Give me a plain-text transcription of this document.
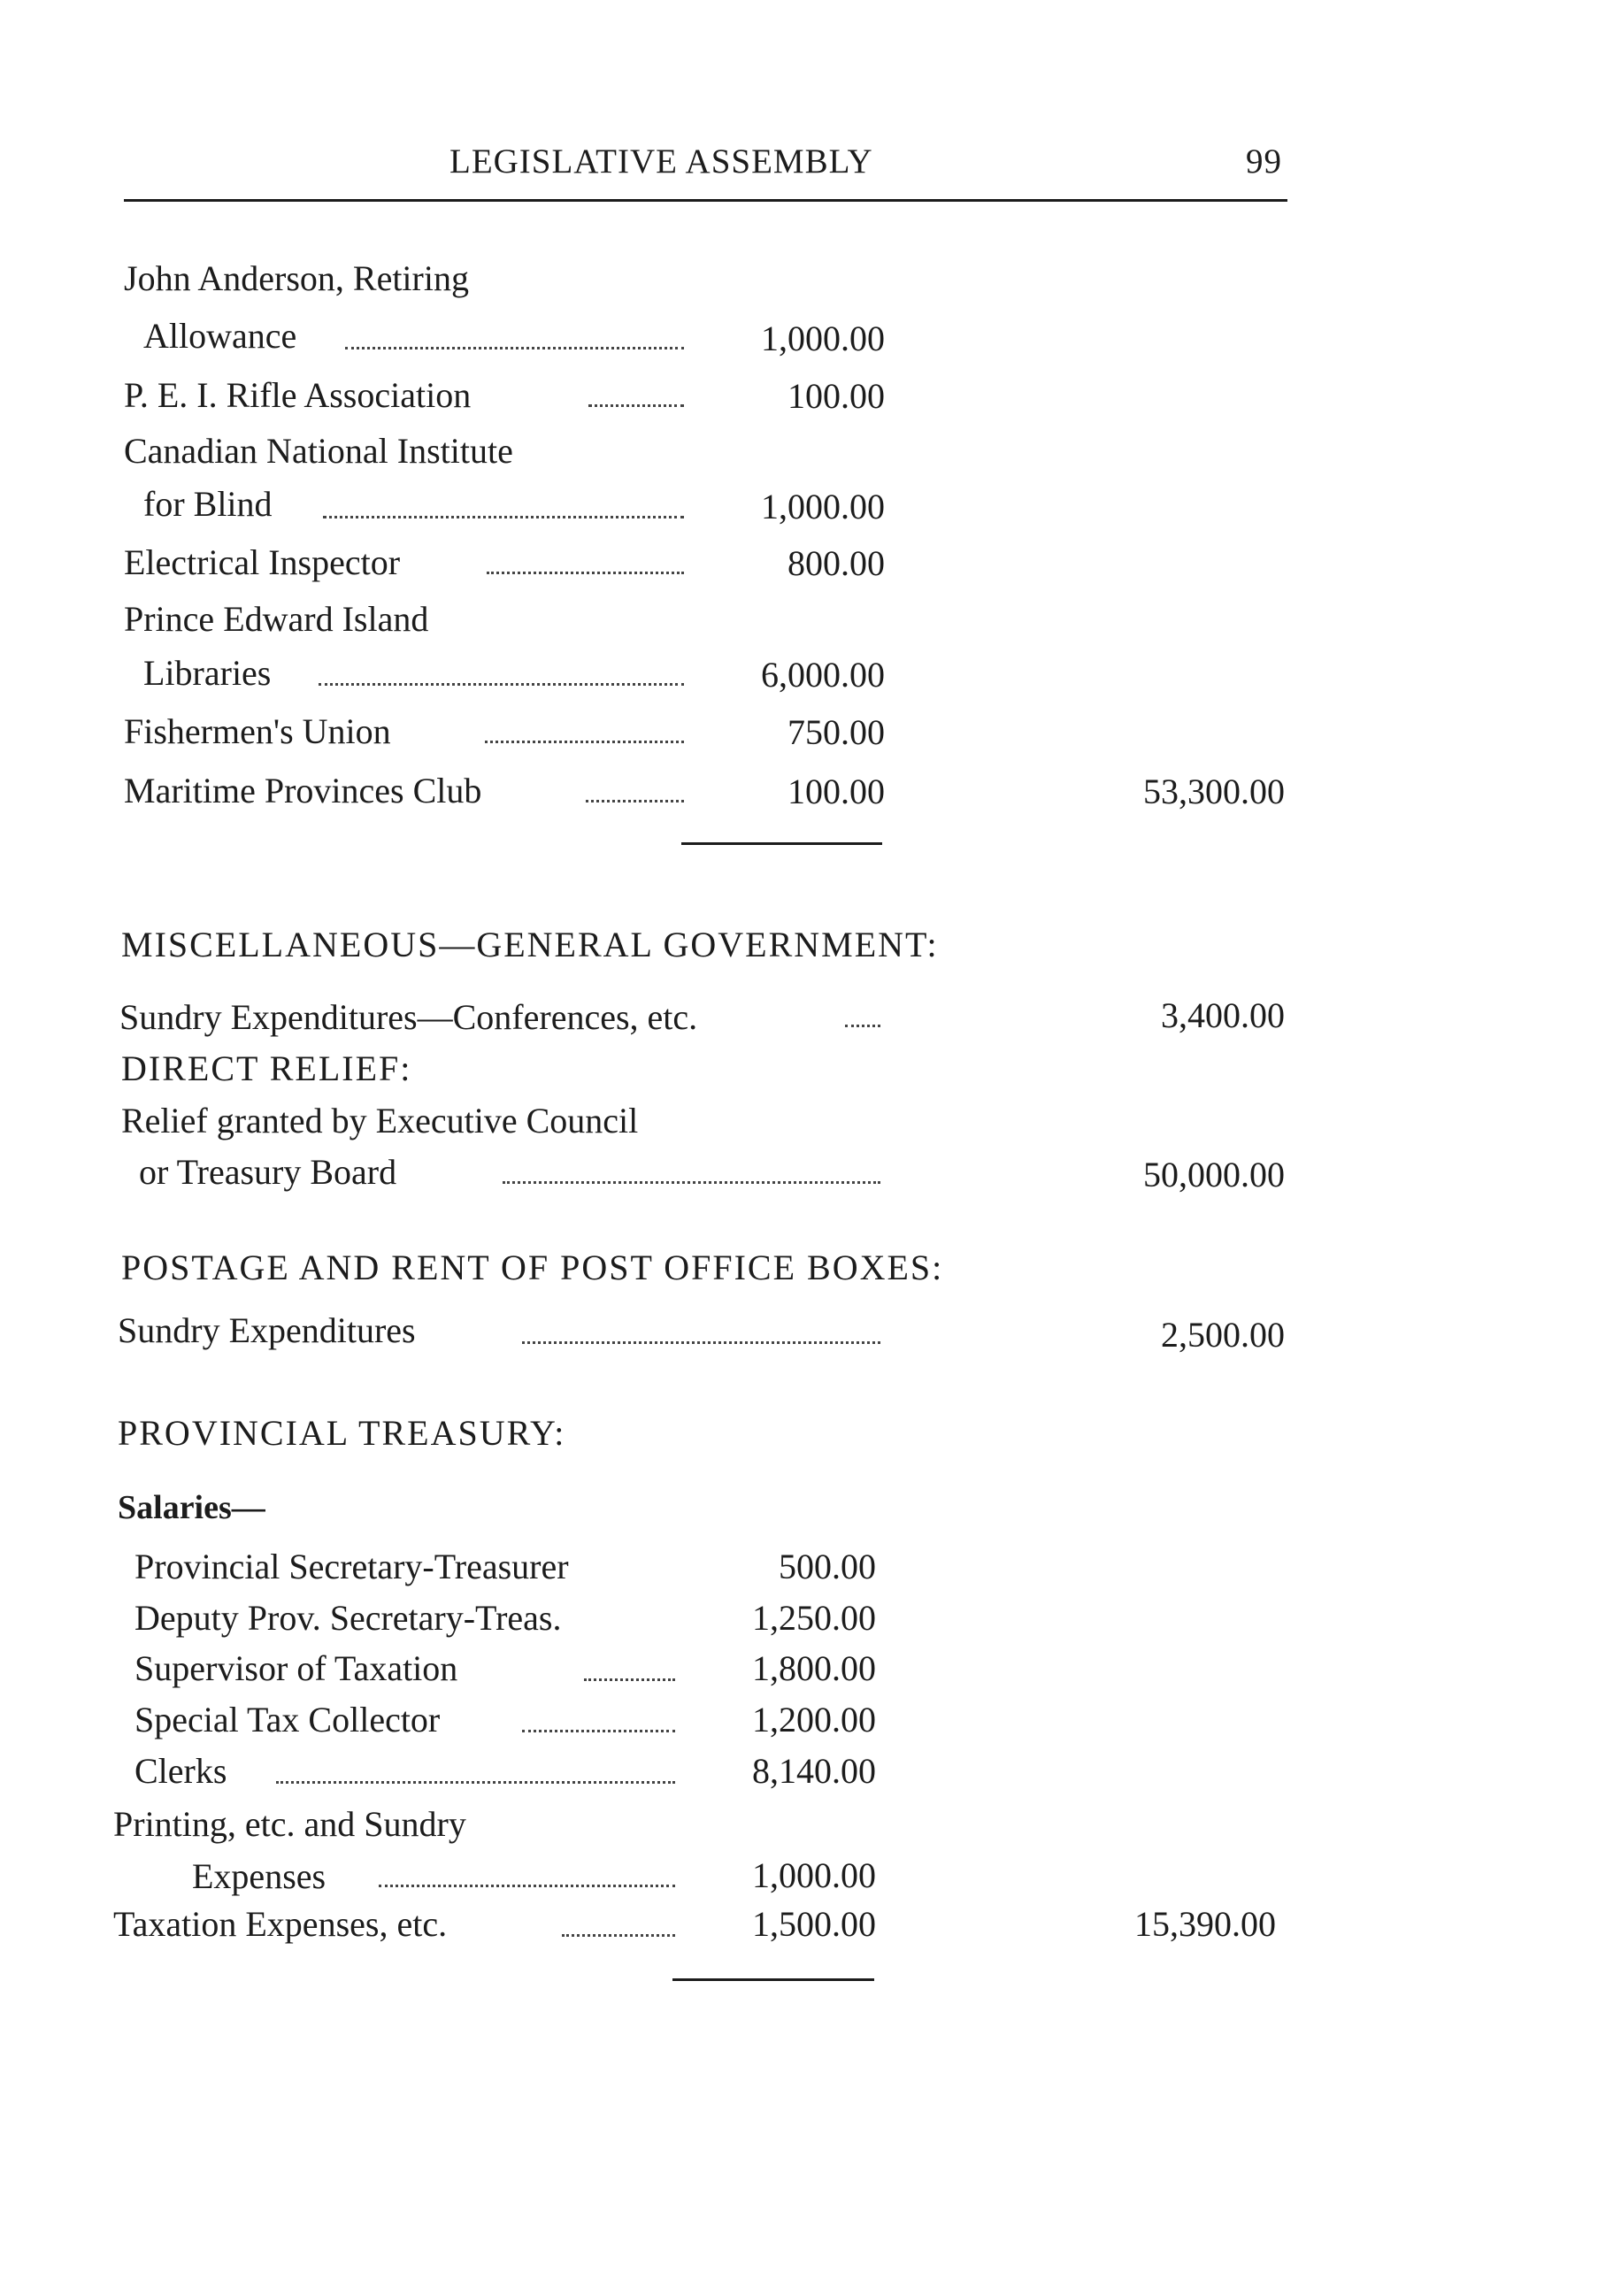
LEGISLATIVE ASSEMBLY	99
John Anderson, Retiring
Allowance	1,000.00
P. E. I. Rifle Association	100.00
Canadian National Institute
for Blind	1,000.00
Electrical Inspector	800.00
Prince Edward Island
Libraries	6,000.00
Fishermen's Union	750.00
Maritime Provinces Club	100.00	53,300.00
MISCELLANEOUS—GENERAL GOVERNMENT:
Sundry Expenditures—Conferences, etc.	3,400.00
DIRECT RELIEF:
Relief granted by Executive Council
or Treasury Board	50,000.00
POSTAGE AND RENT OF POST OFFICE BOXES:
Sundry Expenditures	2,500.00
PROVINCIAL TREASURY:
Salaries—
Provincial Secretary-Treasurer	500.00
Deputy Prov. Secretary-Treas.	1,250.00
Supervisor of Taxation	1,800.00
Special Tax Collector	1,200.00
Clerks	8,140.00
Printing, etc. and Sundry
Expenses	1,000.00
Taxation Expenses, etc.	1,500.00	15,390.00
